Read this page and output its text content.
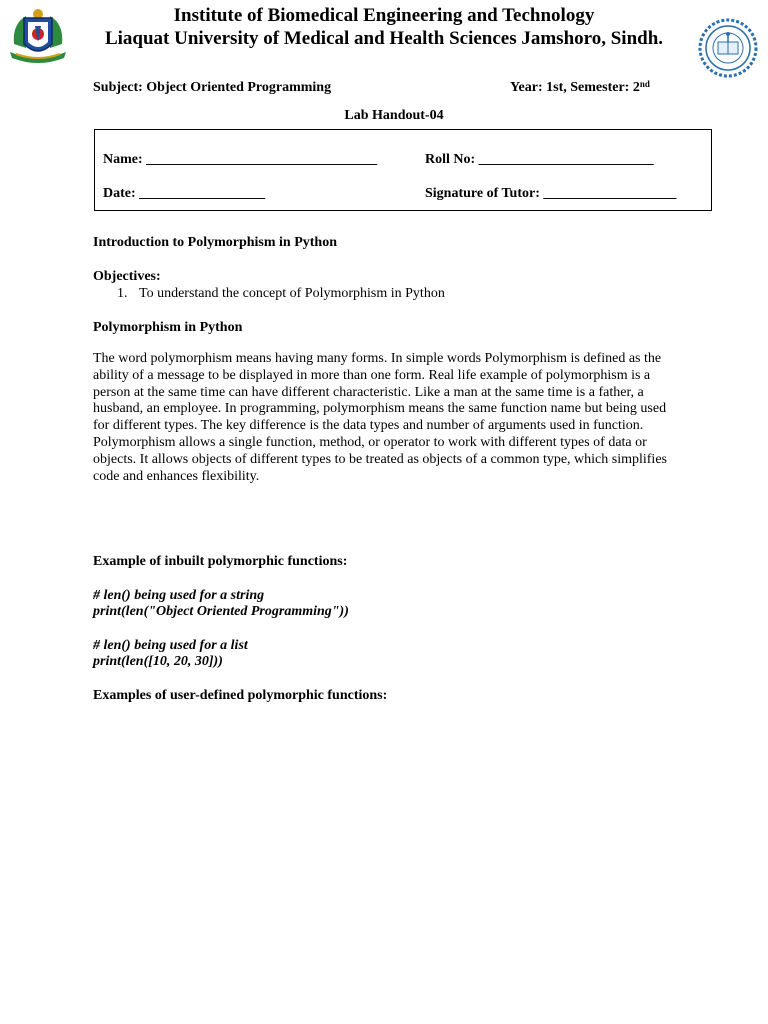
Institute of Biomedical Engineering and Technology
Liaquat University of Medical and Health Sciences Jamshoro, Sindh.
Subject: Object Oriented Programming	Year: 1st, Semester: 2nd
Lab Handout-04
Name: _________________________________	Roll No: _________________________
Date: __________________	Signature of Tutor: ___________________
Introduction to Polymorphism in Python
Objectives:
1. To understand the concept of Polymorphism in Python
Polymorphism in Python

The word polymorphism means having many forms. In simple words Polymorphism is defined as the ability of a message to be displayed in more than one form. Real life example of polymorphism is a person at the same time can have different characteristic. Like a man at the same time is a father, a husband, an employee. In programming, polymorphism means the same function name but being used for different types. The key difference is the data types and number of arguments used in function.

Polymorphism allows a single function, method, or operator to work with different types of data or objects. It allows objects of different types to be treated as objects of a common type, which simplifies code and enhances flexibility.

Example of inbuilt polymorphic functions:
# len() being used for a string
print(len("Object Oriented Programming"))
# len() being used for a list
print(len([10, 20, 30]))
Examples of user-defined polymorphic functions:
